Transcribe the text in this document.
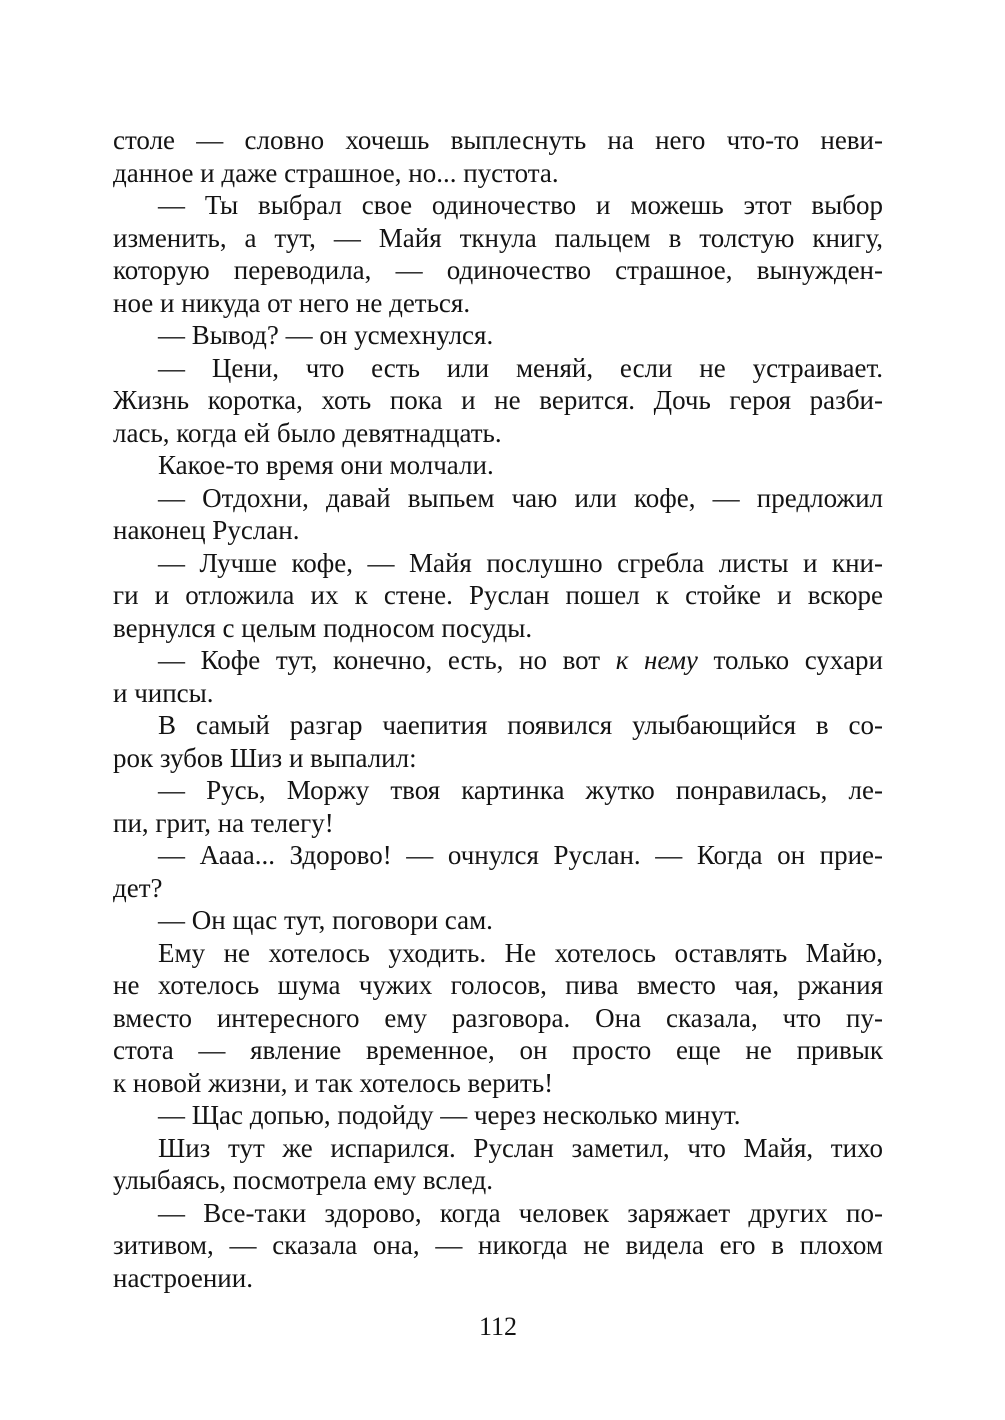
столе — словно хочешь выплеснуть на него что-то неви-
данное и даже страшное, но... пустота.

— Ты выбрал свое одиночество и можешь этот выбор
изменить, а тут, — Майя ткнула пальцем в толстую книгу,
которую переводила, — одиночество страшное, вынужден-
ное и никуда от него не деться.

— Вывод? — он усмехнулся.

— Цени, что есть или меняй, если не устраивает.
Жизнь коротка, хоть пока и не верится. Дочь героя разби-
лась, когда ей было девятнадцать.

Какое-то время они молчали.

— Отдохни, давай выпьем чаю или кофе, — предложил
наконец Руслан.

— Лучше кофе, — Майя послушно сгребла листы и кни-
ги и отложила их к стене. Руслан пошел к стойке и вскоре
вернулся с целым подносом посуды.

— Кофе тут, конечно, есть, но вот к нему только сухари
и чипсы.

В самый разгар чаепития появился улыбающийся в со-
рок зубов Шиз и выпалил:

— Русь, Моржу твоя картинка жутко понравилась, ле-
пи, грит, на телегу!

— Аааа... Здорово! — очнулся Руслан. — Когда он прие-
дет?

— Он щас тут, поговори сам.

Ему не хотелось уходить. Не хотелось оставлять Майю,
не хотелось шума чужих голосов, пива вместо чая, ржания
вместо интересного ему разговора. Она сказала, что пу-
стота — явление временное, он просто еще не привык
к новой жизни, и так хотелось верить!

— Щас допью, подойду — через несколько минут.

Шиз тут же испарился. Руслан заметил, что Майя, тихо
улыбаясь, посмотрела ему вслед.

— Все-таки здорово, когда человек заряжает других по-
зитивом, — сказала она, — никогда не видела его в плохом
настроении.

112
